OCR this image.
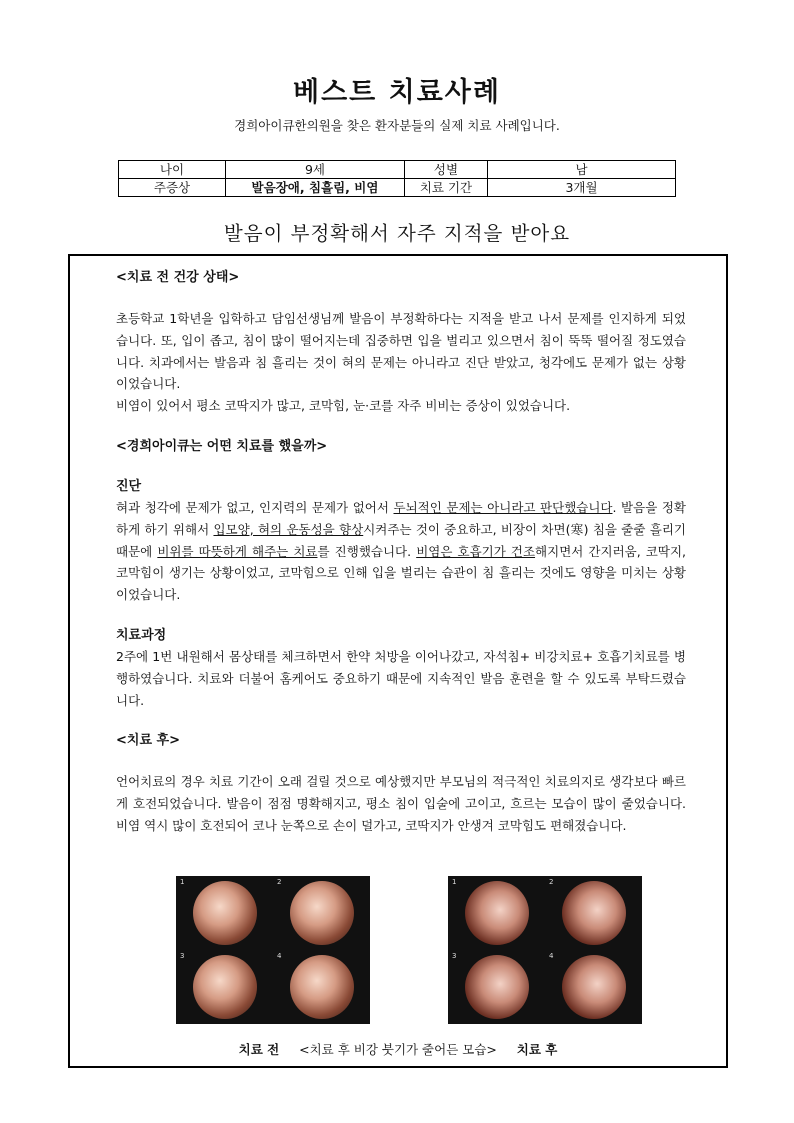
베스트 치료사례
경희아이큐한의원을 찾은 환자분들의 실제 치료 사례입니다.
나이	9세	성별	남
주증상	발음장애, 침흘림, 비염	치료 기간	3개월
발음이 부정확해서 자주 지적을 받아요
<치료 전 건강 상태>
초등학교 1학년을 입학하고 담임선생님께 발음이 부정확하다는 지적을 받고 나서 문제를 인지하게 되었습니다. 또, 입이 좁고, 침이 많이 떨어지는데 집중하면 입을 벌리고 있으면서 침이 뚝뚝 떨어질 정도였습니다. 치과에서는 발음과 침 흘리는 것이 혀의 문제는 아니라고 진단 받았고, 청각에도 문제가 없는 상황이었습니다.
비염이 있어서 평소 코딱지가 많고, 코막힘, 눈·코를 자주 비비는 증상이 있었습니다.
<경희아이큐는 어떤 치료를 했을까>
진단
혀과 청각에 문제가 없고, 인지력의 문제가 없어서 두뇌적인 문제는 아니라고 판단했습니다. 발음을 정확하게 하기 위해서 입모양, 혀의 운동성을 향상시켜주는 것이 중요하고, 비장이 차면(寒) 침을 줄줄 흘리기 때문에 비위를 따뜻하게 해주는 치료를 진행했습니다. 비염은 호흡기가 건조해지면서 간지러움, 코딱지, 코막힘이 생기는 상황이었고, 코막힘으로 인해 입을 벌리는 습관이 침 흘리는 것에도 영향을 미치는 상황이었습니다.
치료과정
2주에 1번 내원해서 몸상태를 체크하면서 한약 처방을 이어나갔고, 자석침+ 비강치료+ 호흡기치료를 병행하였습니다. 치료와 더불어 홈케어도 중요하기 때문에 지속적인 발음 훈련을 할 수 있도록 부탁드렸습니다.
<치료 후>
언어치료의 경우 치료 기간이 오래 걸릴 것으로 예상했지만 부모님의 적극적인 치료의지로 생각보다 빠르게 호전되었습니다. 발음이 점점 명확해지고, 평소 침이 입술에 고이고, 흐르는 모습이 많이 줄었습니다. 비염 역시 많이 호전되어 코나 눈쪽으로 손이 덜가고, 코딱지가 안생겨 코막힘도 편해졌습니다.
1	2
3	4
1	2
3	4
치료 전 <치료 후 비강 붓기가 줄어든 모습> 치료 후
